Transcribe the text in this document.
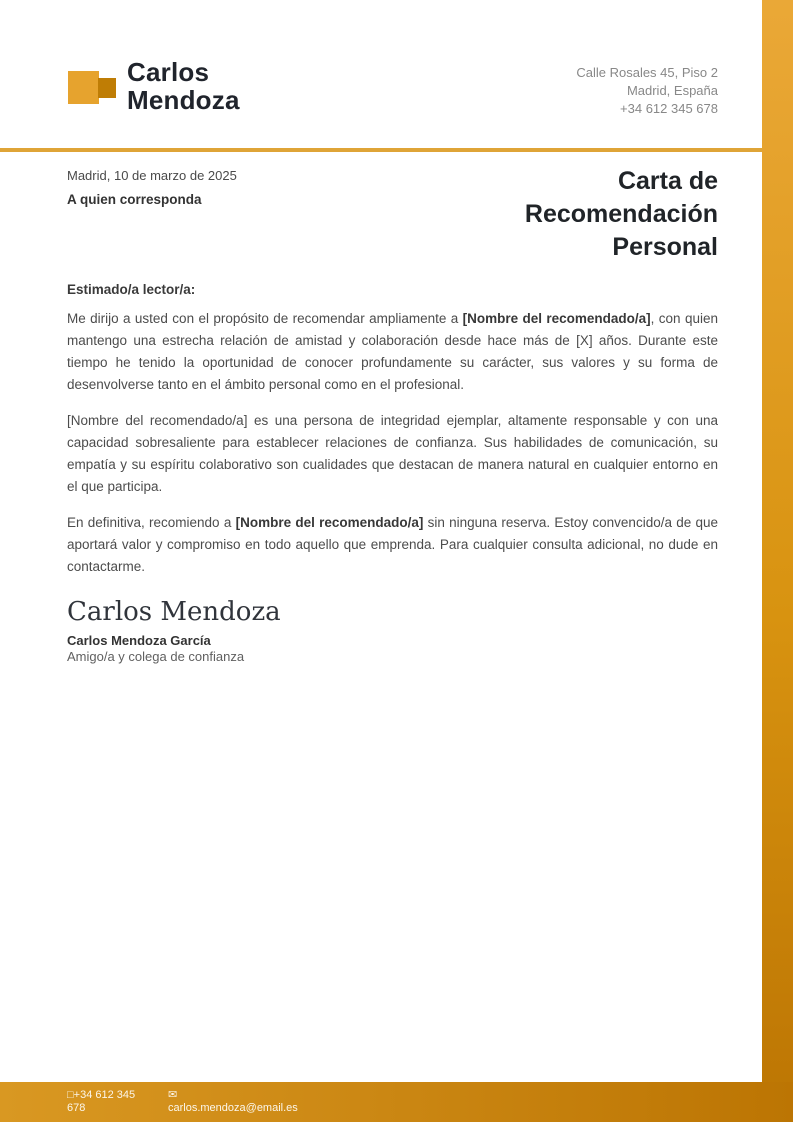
Carlos
Mendoza
Calle Rosales 45, Piso 2
Madrid, España
+34 612 345 678
Madrid, 10 de marzo de 2025
A quien corresponda
Carta de Recomendación Personal

Estimado/a lector/a:

Me dirijo a usted con el propósito de recomendar ampliamente a [Nombre del recomendado/a], con quien mantengo una estrecha relación de amistad y colaboración desde hace más de [X] años. Durante este tiempo he tenido la oportunidad de conocer profundamente su carácter, sus valores y su forma de desenvolverse tanto en el ámbito personal como en el profesional.

[Nombre del recomendado/a] es una persona de integridad ejemplar, altamente responsable y con una capacidad sobresaliente para establecer relaciones de confianza. Sus habilidades de comunicación, su empatía y su espíritu colaborativo son cualidades que destacan de manera natural en cualquier entorno en el que participa.

En definitiva, recomiendo a [Nombre del recomendado/a] sin ninguna reserva. Estoy convencido/a de que aportará valor y compromiso en todo aquello que emprenda. Para cualquier consulta adicional, no dude en contactarme.

Carlos Mendoza
Carlos Mendoza García
Amigo/a y colega de confianza
□+34 612 345 678
✉
carlos.mendoza@email.es
